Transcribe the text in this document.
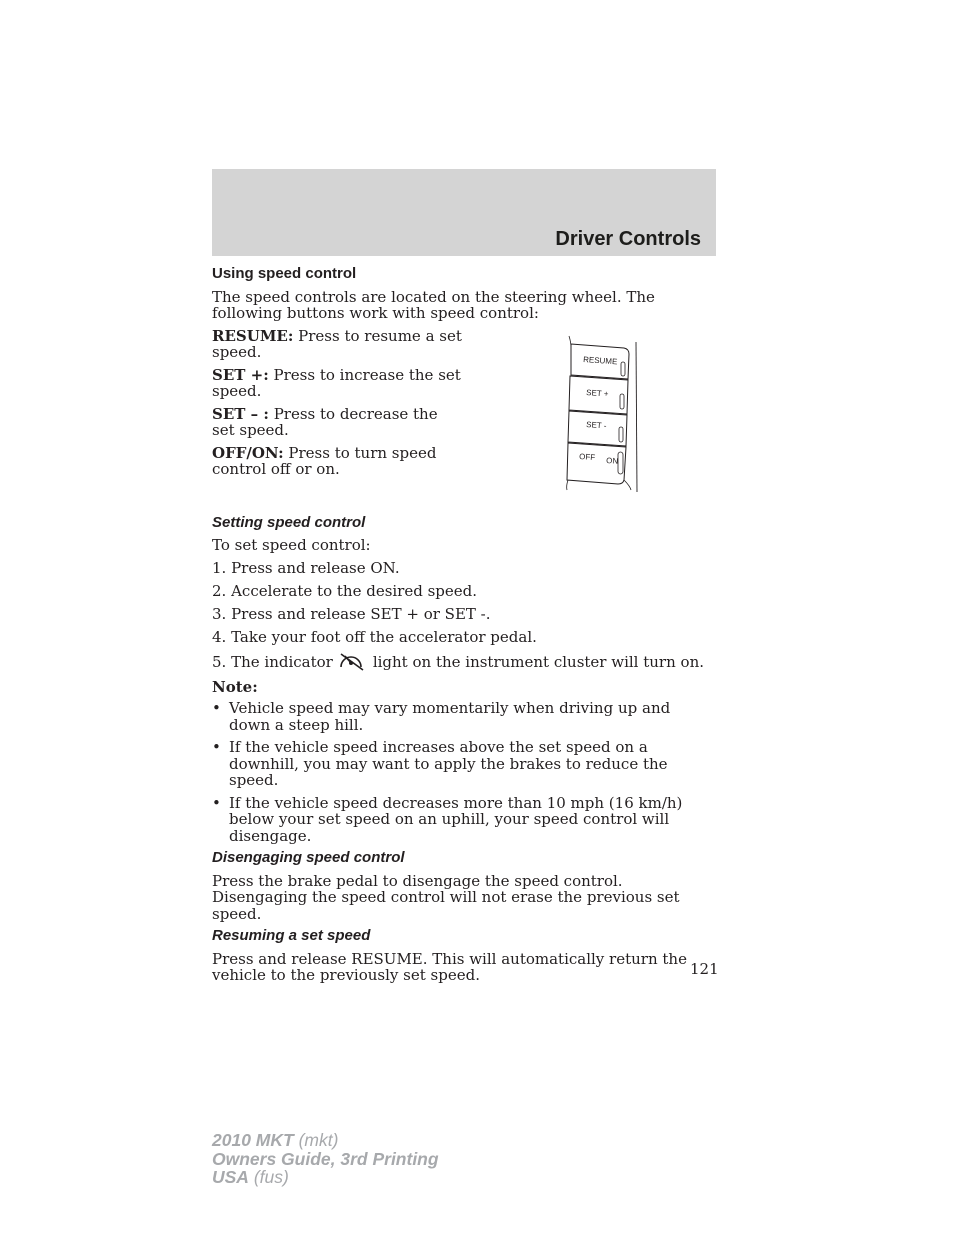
Driver Controls
Using speed control

The speed controls are located on the steering wheel. The following buttons work with speed control:

RESUME: Press to resume a set speed.

SET +: Press to increase the set speed.

SET – : Press to decrease the set speed.

OFF/ON: Press to turn speed control off or on.

Setting speed control

To set speed control:

1. Press and release ON.

2. Accelerate to the desired speed.

3. Press and release SET + or SET -.

4. Take your foot off the accelerator pedal.

5. The indicator	light on the instrument cluster will turn on.

Note:
• Vehicle speed may vary momentarily when driving up and down a steep hill.
• If the vehicle speed increases above the set speed on a downhill, you may want to apply the brakes to reduce the speed.
• If the vehicle speed decreases more than 10 mph (16 km/h) below your set speed on an uphill, your speed control will disengage.
Disengaging speed control

Press the brake pedal to disengage the speed control. Disengaging the speed control will not erase the previous set speed.

Resuming a set speed

Press and release RESUME. This will automatically return the vehicle to the previously set speed.

RESUME
SET +
SET -
OFF ON
121
2010 MKT (mkt)
Owners Guide, 3rd Printing
USA (fus)
